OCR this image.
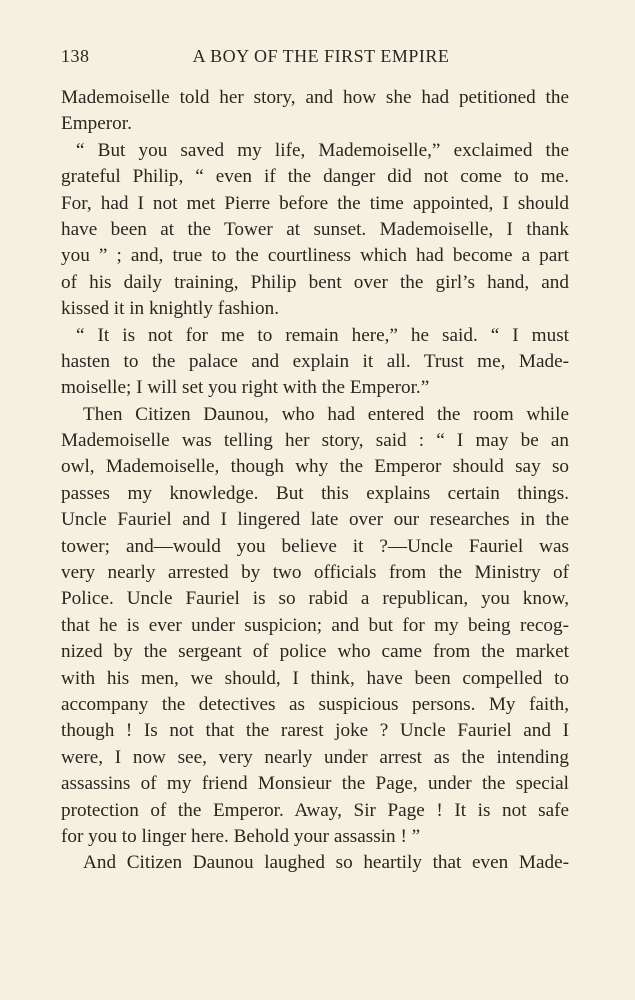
138	A BOY OF THE FIRST EMPIRE
Mademoiselle told her story, and how she had petitioned the
Emperor.
“ But you saved my life, Mademoiselle,” exclaimed the
grateful Philip, “ even if the danger did not come to me.
For, had I not met Pierre before the time appointed, I should
have been at the Tower at sunset. Mademoiselle, I thank
you ” ; and, true to the courtliness which had become a part
of his daily training, Philip bent over the girl’s hand, and
kissed it in knightly fashion.
“ It is not for me to remain here,” he said. “ I must
hasten to the palace and explain it all. Trust me, Made-
moiselle; I will set you right with the Emperor.”
Then Citizen Daunou, who had entered the room while
Mademoiselle was telling her story, said : “ I may be an
owl, Mademoiselle, though why the Emperor should say so
passes my knowledge. But this explains certain things.
Uncle Fauriel and I lingered late over our researches in the
tower; and—would you believe it ?—Uncle Fauriel was
very nearly arrested by two officials from the Ministry of
Police. Uncle Fauriel is so rabid a republican, you know,
that he is ever under suspicion; and but for my being recog-
nized by the sergeant of police who came from the market
with his men, we should, I think, have been compelled to
accompany the detectives as suspicious persons. My faith,
though ! Is not that the rarest joke ? Uncle Fauriel and I
were, I now see, very nearly under arrest as the intending
assassins of my friend Monsieur the Page, under the special
protection of the Emperor. Away, Sir Page ! It is not safe
for you to linger here. Behold your assassin ! ”
And Citizen Daunou laughed so heartily that even Made-
